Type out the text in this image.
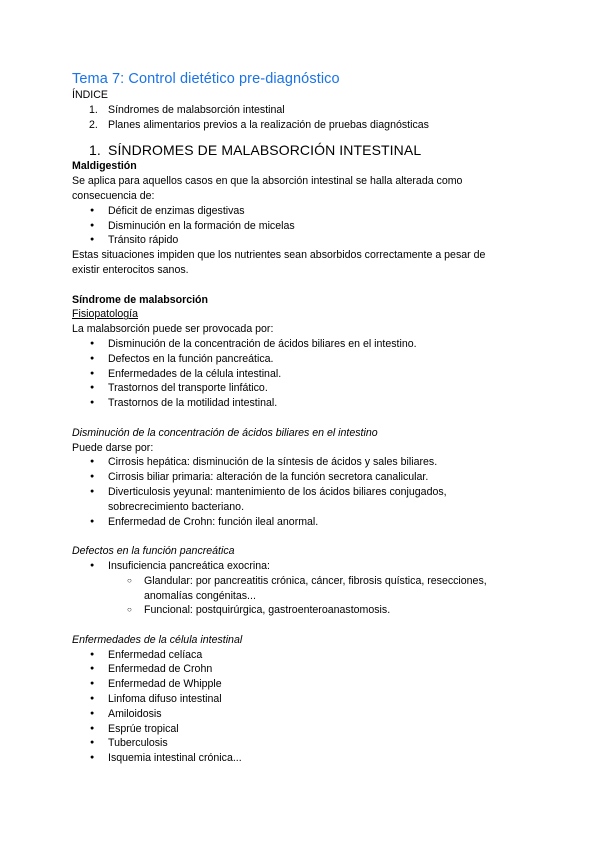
Tema 7: Control dietético pre-diagnóstico
ÍNDICE
1. Síndromes de malabsorción intestinal
2. Planes alimentarios previos a la realización de pruebas diagnósticas
1. SÍNDROMES DE MALABSORCIÓN INTESTINAL
Maldigestión
Se aplica para aquellos casos en que la absorción intestinal se halla alterada como
consecuencia de:
● Déficit de enzimas digestivas
● Disminución en la formación de micelas
● Tránsito rápido
Estas situaciones impiden que los nutrientes sean absorbidos correctamente a pesar de
existir enterocitos sanos.
Síndrome de malabsorción
Fisiopatología
La malabsorción puede ser provocada por:
● Disminución de la concentración de ácidos biliares en el intestino.
● Defectos en la función pancreática.
● Enfermedades de la célula intestinal.
● Trastornos del transporte linfático.
● Trastornos de la motilidad intestinal.
Disminución de la concentración de ácidos biliares en el intestino
Puede darse por:
● Cirrosis hepática: disminución de la síntesis de ácidos y sales biliares.
● Cirrosis biliar primaria: alteración de la función secretora canalicular.
● Diverticulosis yeyunal: mantenimiento de los ácidos biliares conjugados,
sobrecrecimiento bacteriano.
● Enfermedad de Crohn: función ileal anormal.
Defectos en la función pancreática
● Insuficiencia pancreática exocrina:
○ Glandular: por pancreatitis crónica, cáncer, fibrosis quística, resecciones,
anomalías congénitas...
○ Funcional: postquirúrgica, gastroenteroanastomosis.
Enfermedades de la célula intestinal
● Enfermedad celíaca
● Enfermedad de Crohn
● Enfermedad de Whipple
● Linfoma difuso intestinal
● Amiloidosis
● Esprúe tropical
● Tuberculosis
● Isquemia intestinal crónica...
